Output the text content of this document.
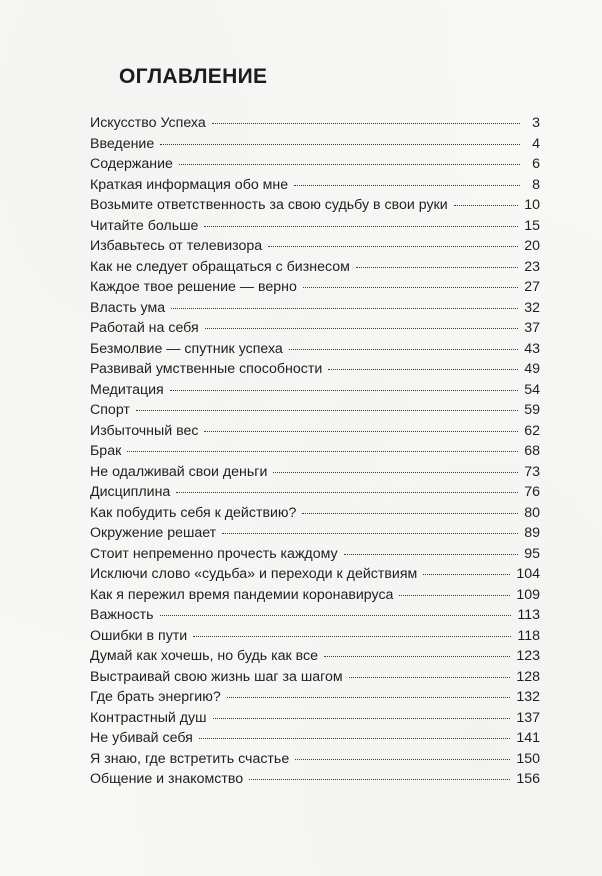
ОГЛАВЛЕНИЕ
Искусство Успеха	3
Введение	4
Содержание	6
Краткая информация обо мне	8
Возьмите ответственность за свою судьбу в свои руки	10
Читайте больше	15
Избавьтесь от телевизора	20
Как не следует обращаться с бизнесом	23
Каждое твое решение — верно	27
Власть ума	32
Работай на себя	37
Безмолвие — спутник успеха	43
Развивай умственные способности	49
Медитация	54
Спорт	59
Избыточный вес	62
Брак	68
Не одалживай свои деньги	73
Дисциплина	76
Как побудить себя к действию?	80
Окружение решает	89
Стоит непременно прочесть каждому	95
Исключи слово «судьба» и переходи к действиям	104
Как я пережил время пандемии коронавируса	109
Важность	113
Ошибки в пути	118
Думай как хочешь, но будь как все	123
Выстраивай свою жизнь шаг за шагом	128
Где брать энергию?	132
Контрастный душ	137
Не убивай себя	141
Я знаю, где встретить счастье	150
Общение и знакомство	156
